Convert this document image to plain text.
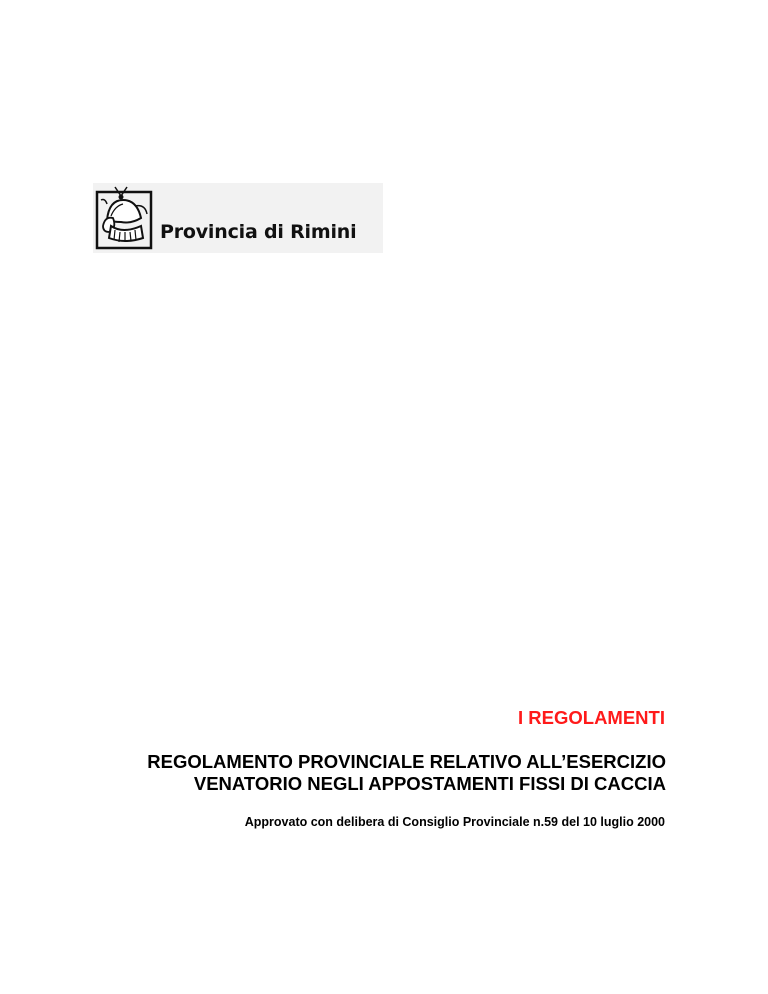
Provincia di Rimini
I REGOLAMENTI
REGOLAMENTO PROVINCIALE RELATIVO ALL’ESERCIZIO
VENATORIO NEGLI APPOSTAMENTI FISSI DI CACCIA
Approvato con delibera di Consiglio Provinciale n.59 del 10 luglio 2000
